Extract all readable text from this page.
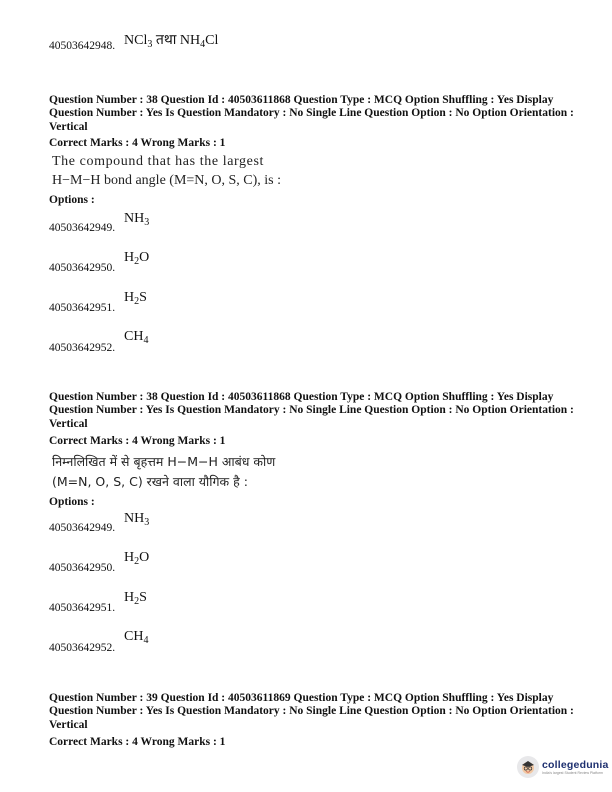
40503642948. NCl$_3$ तथा $NH_4Cl$
Question Number : 38 Question Id : 40503611868 Question Type : MCQ Option Shuffling : Yes Display Question Number : Yes Is Question Mandatory : No Single Line Question Option : No Option Orientation : Vertical
Correct Marks : 4 Wrong Marks : 1
The compound that has the largest
H−M−H bond angle (M=N, O, S, C), is :
Options :
40503642949.
$NH_3$
40503642950.
$H_2O$
40503642951.
$H_2S$
40503642952.
$CH_4$
Question Number : 38 Question Id : 40503611868 Question Type : MCQ Option Shuffling : Yes Display Question Number : Yes Is Question Mandatory : No Single Line Question Option : No Option Orientation : Vertical
Correct Marks : 4 Wrong Marks : 1
निम्नलिखित में से बृहत्तम H−M−H आबंध कोण
(M=N, O, S, C) रखने वाला यौगिक है :
Options :
40503642949.
$NH_3$
40503642950.
$H_2O$
40503642951.
$H_2S$
40503642952.
$CH_4$
Question Number : 39 Question Id : 40503611869 Question Type : MCQ Option Shuffling : Yes Display Question Number : Yes Is Question Mandatory : No Single Line Question Option : No Option Orientation : Vertical
Correct Marks : 4 Wrong Marks : 1
collegedunia
India's largest Student Review Platform
